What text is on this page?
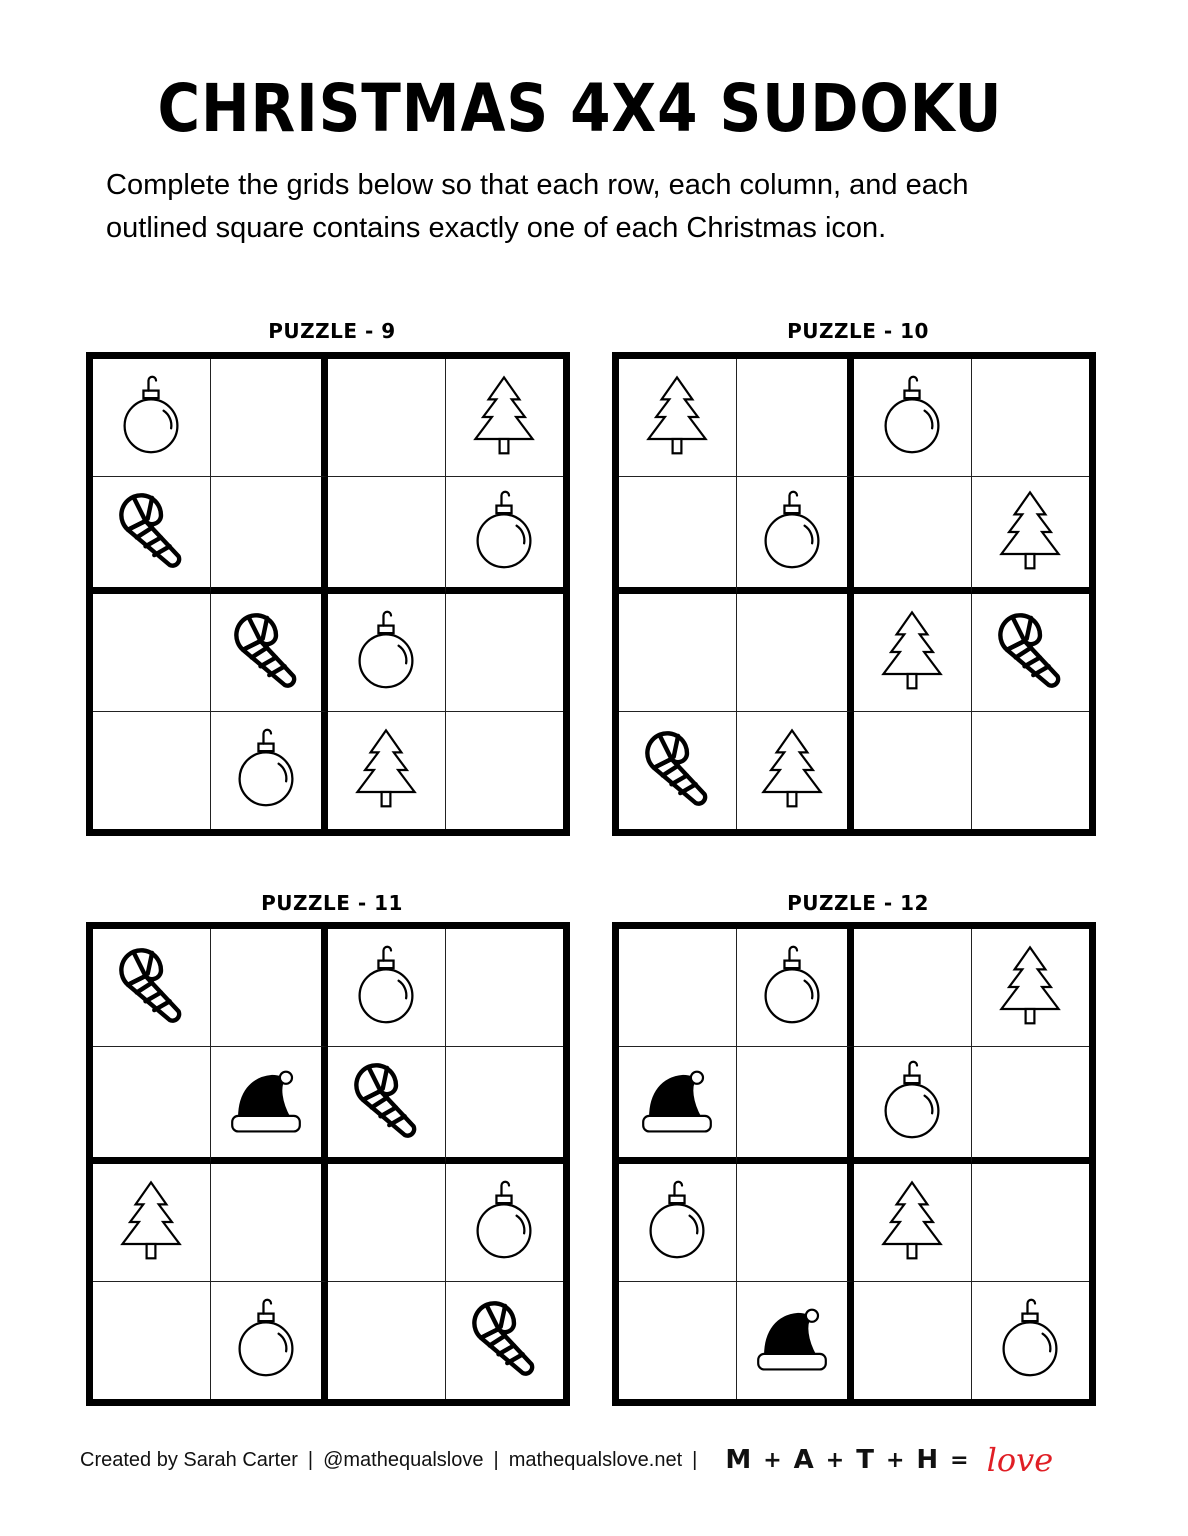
CHRISTMAS 4X4 SUDOKU
Complete the grids below so that each row, each column, and each outlined square contains exactly one of each Christmas icon.
PUZZLE - 9	PUZZLE - 10
PUZZLE - 11	PUZZLE - 12
Created by Sarah Carter | @mathequalslove | mathequalslove.net | M + A + T + H = love
